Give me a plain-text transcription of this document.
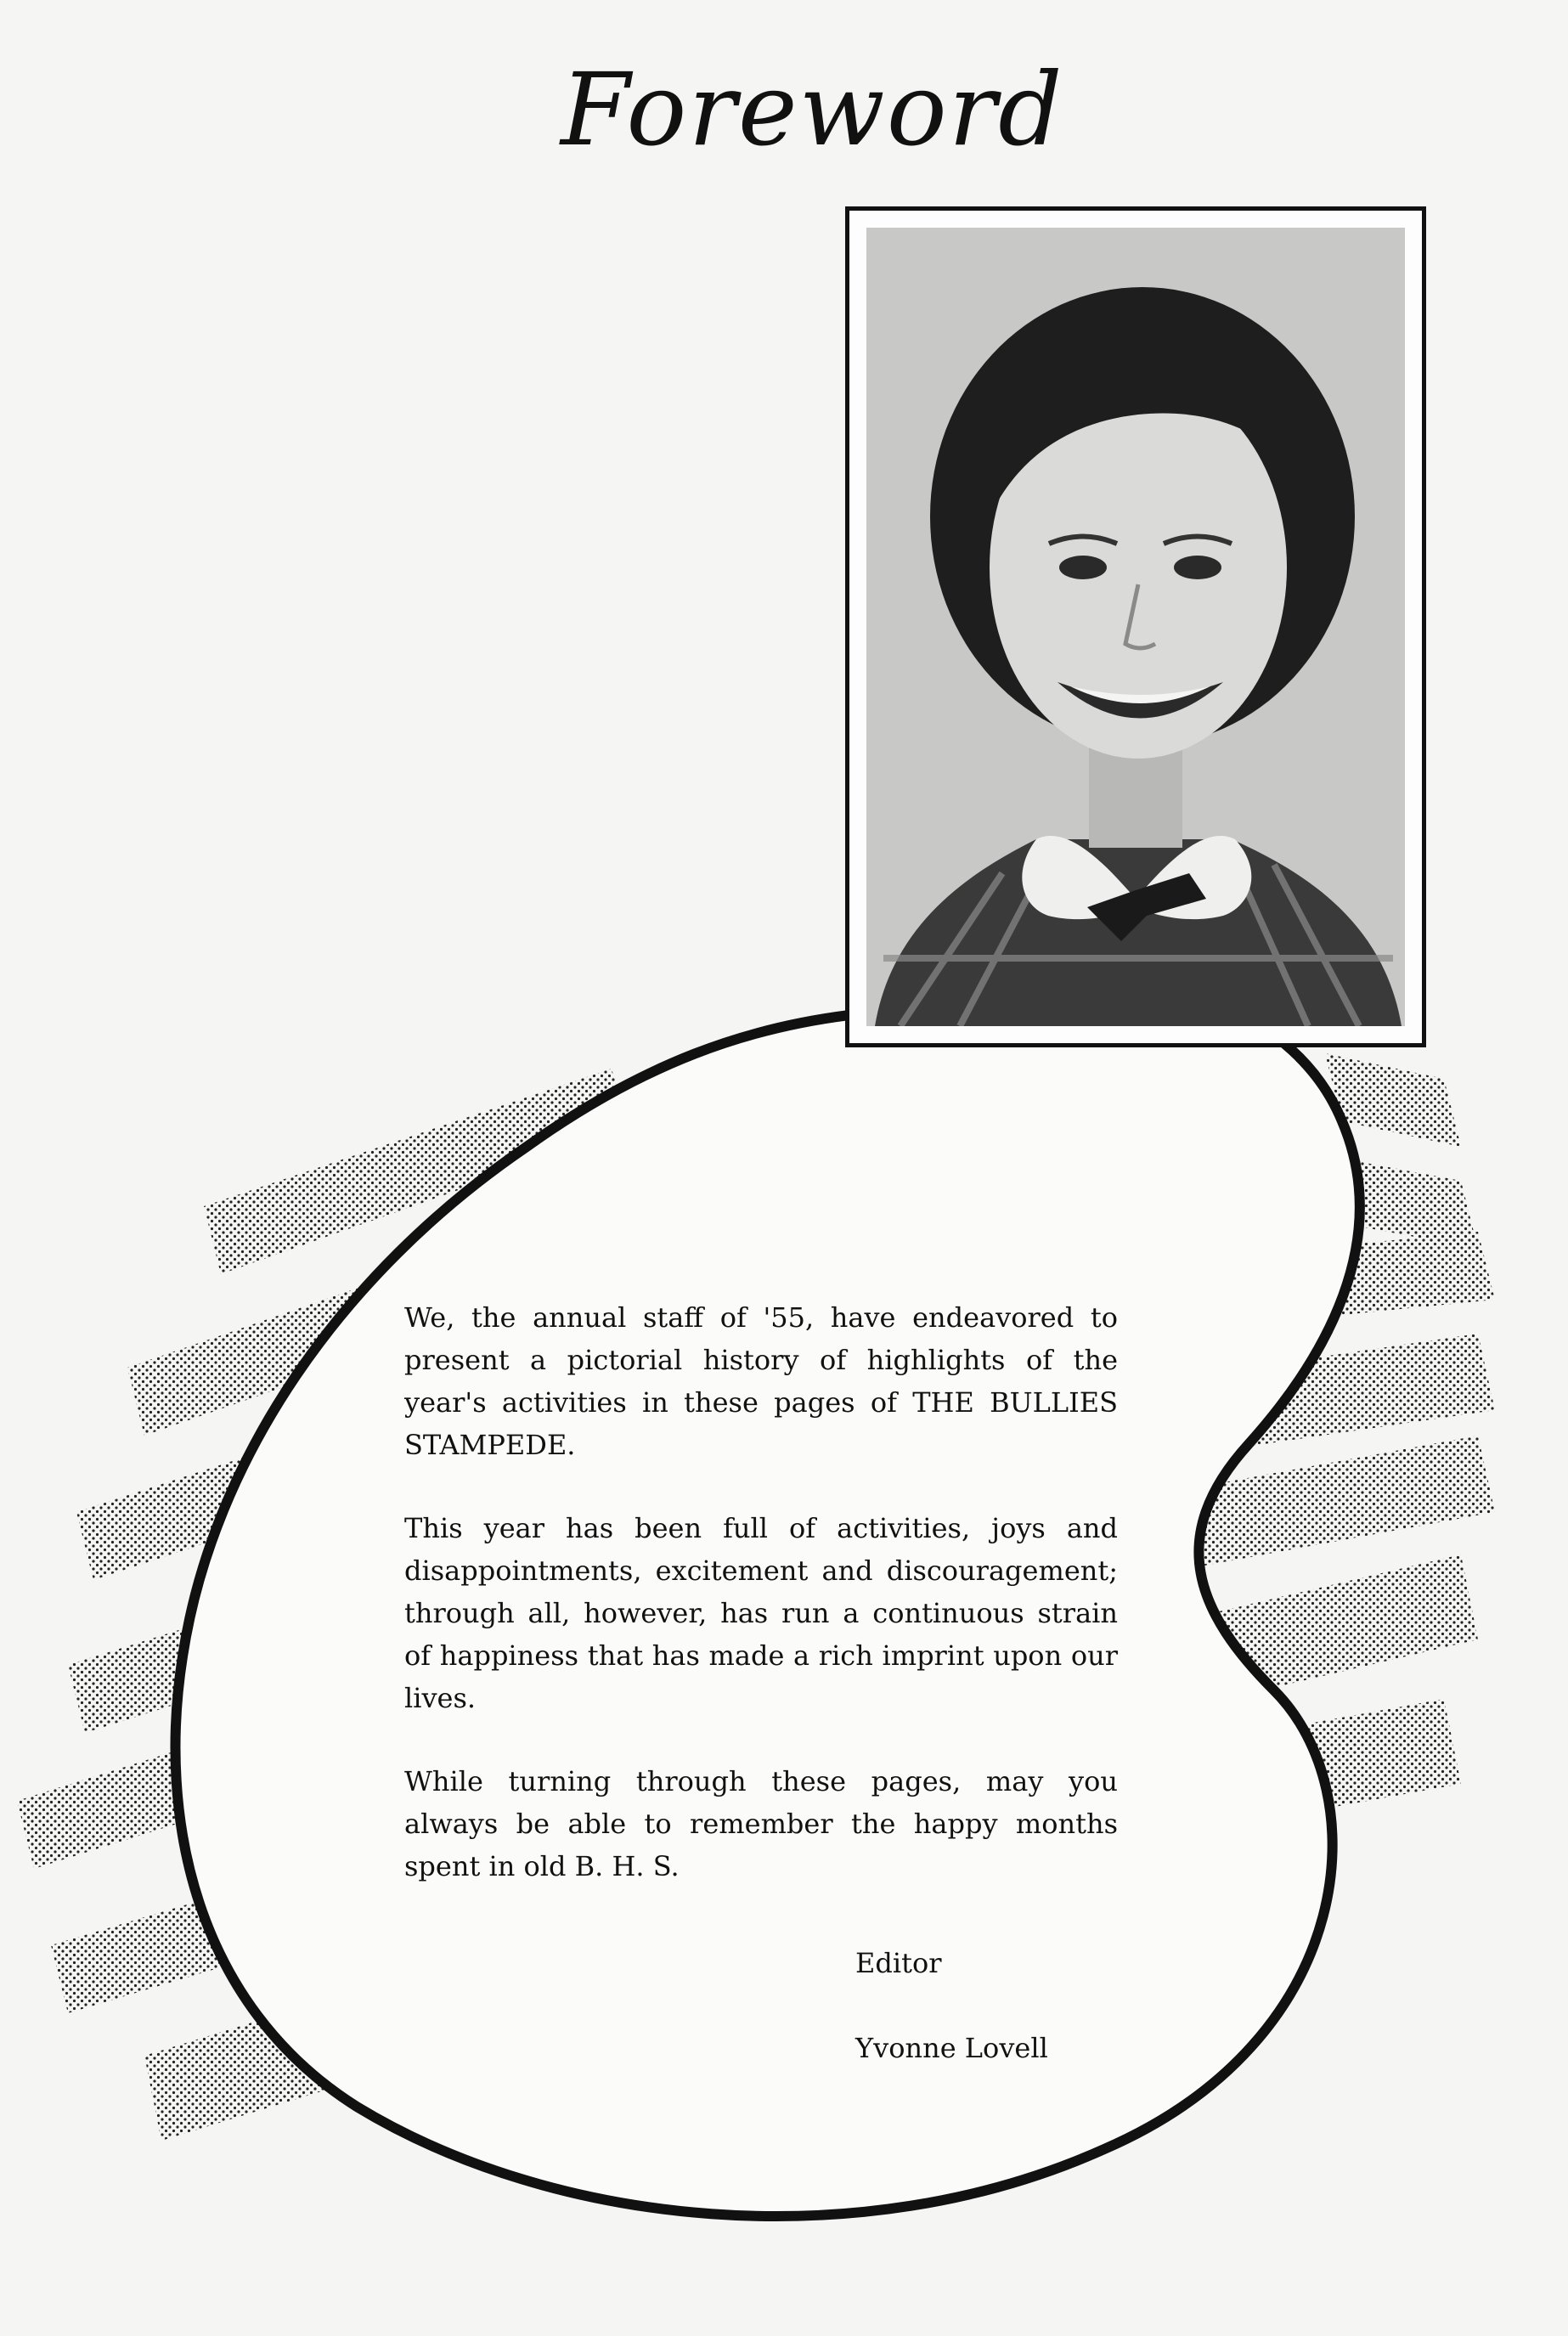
Foreword

We, the annual staff of '55, have endeavored to present a pictorial history of highlights of the year's activities in these pages of THE BULLIES STAMPEDE.

This year has been full of activities, joys and disappointments, excitement and discouragement; through all, however, has run a continuous strain of happiness that has made a rich imprint upon our lives.

While turning through these pages, may you always be able to remember the happy months spent in old B. H. S.

Editor
Yvonne Lovell
